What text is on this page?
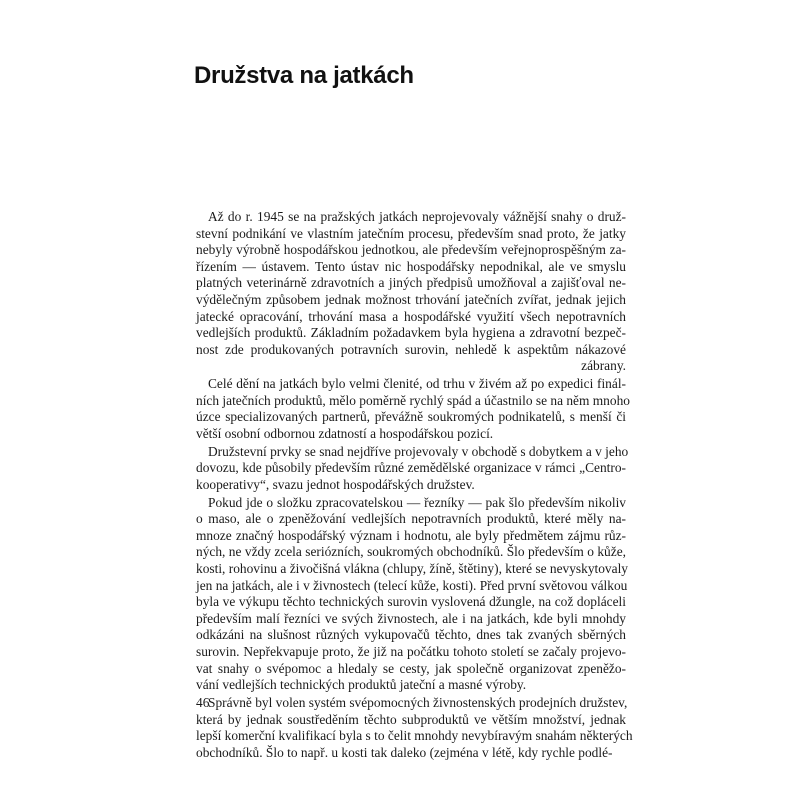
Družstva na jatkách
Až do r. 1945 se na pražských jatkách neprojevovaly vážnější snahy o druž-
stevní podnikání ve vlastním jatečním procesu, především snad proto, že jatky
nebyly výrobně hospodářskou jednotkou, ale především veřejnoprospěšným za-
řízením — ústavem. Tento ústav nic hospodářsky nepodnikal, ale ve smyslu
platných veterinárně zdravotních a jiných předpisů umožňoval a zajišťoval ne-
výdělečným způsobem jednak možnost trhování jatečních zvířat, jednak jejich
jatecké opracování, trhování masa a hospodářské využití všech nepotravních
vedlejších produktů. Základním požadavkem byla hygiena a zdravotní bezpeč-
nost zde produkovaných potravních surovin, nehledě k aspektům nákazové
zábrany.
Celé dění na jatkách bylo velmi členité, od trhu v živém až po expedici finál-
ních jatečních produktů, mělo poměrně rychlý spád a účastnilo se na něm mnoho
úzce specializovaných partnerů, převážně soukromých podnikatelů, s menší či
větší osobní odbornou zdatností a hospodářskou pozicí.
Družstevní prvky se snad nejdříve projevovaly v obchodě s dobytkem a v jeho
dovozu, kde působily především různé zemědělské organizace v rámci „Centro-
kooperativy“, svazu jednot hospodářských družstev.
Pokud jde o složku zpracovatelskou — řezníky — pak šlo především nikoliv
o maso, ale o zpeněžování vedlejších nepotravních produktů, které měly na-
mnoze značný hospodářský význam i hodnotu, ale byly předmětem zájmu růz-
ných, ne vždy zcela seriózních, soukromých obchodníků. Šlo především o kůže,
kosti, rohovinu a živočišná vlákna (chlupy, žíně, štětiny), které se nevyskytovaly
jen na jatkách, ale i v živnostech (telecí kůže, kosti). Před první světovou válkou
byla ve výkupu těchto technických surovin vyslovená džungle, na což dopláceli
především malí řezníci ve svých živnostech, ale i na jatkách, kde byli mnohdy
odkázáni na slušnost různých vykupovačů těchto, dnes tak zvaných sběrných
surovin. Nepřekvapuje proto, že již na počátku tohoto století se začaly projevo-
vat snahy o svépomoc a hledaly se cesty, jak společně organizovat zpeněžo-
vání vedlejších technických produktů jateční a masné výroby.
Správně byl volen systém svépomocných živnostenských prodejních družstev,
která by jednak soustředěním těchto subproduktů ve větším množství, jednak
lepší komerční kvalifikací byla s to čelit mnohdy nevybíravým snahám některých
obchodníků. Šlo to např. u kosti tak daleko (zejména v létě, kdy rychle podlé-
46
